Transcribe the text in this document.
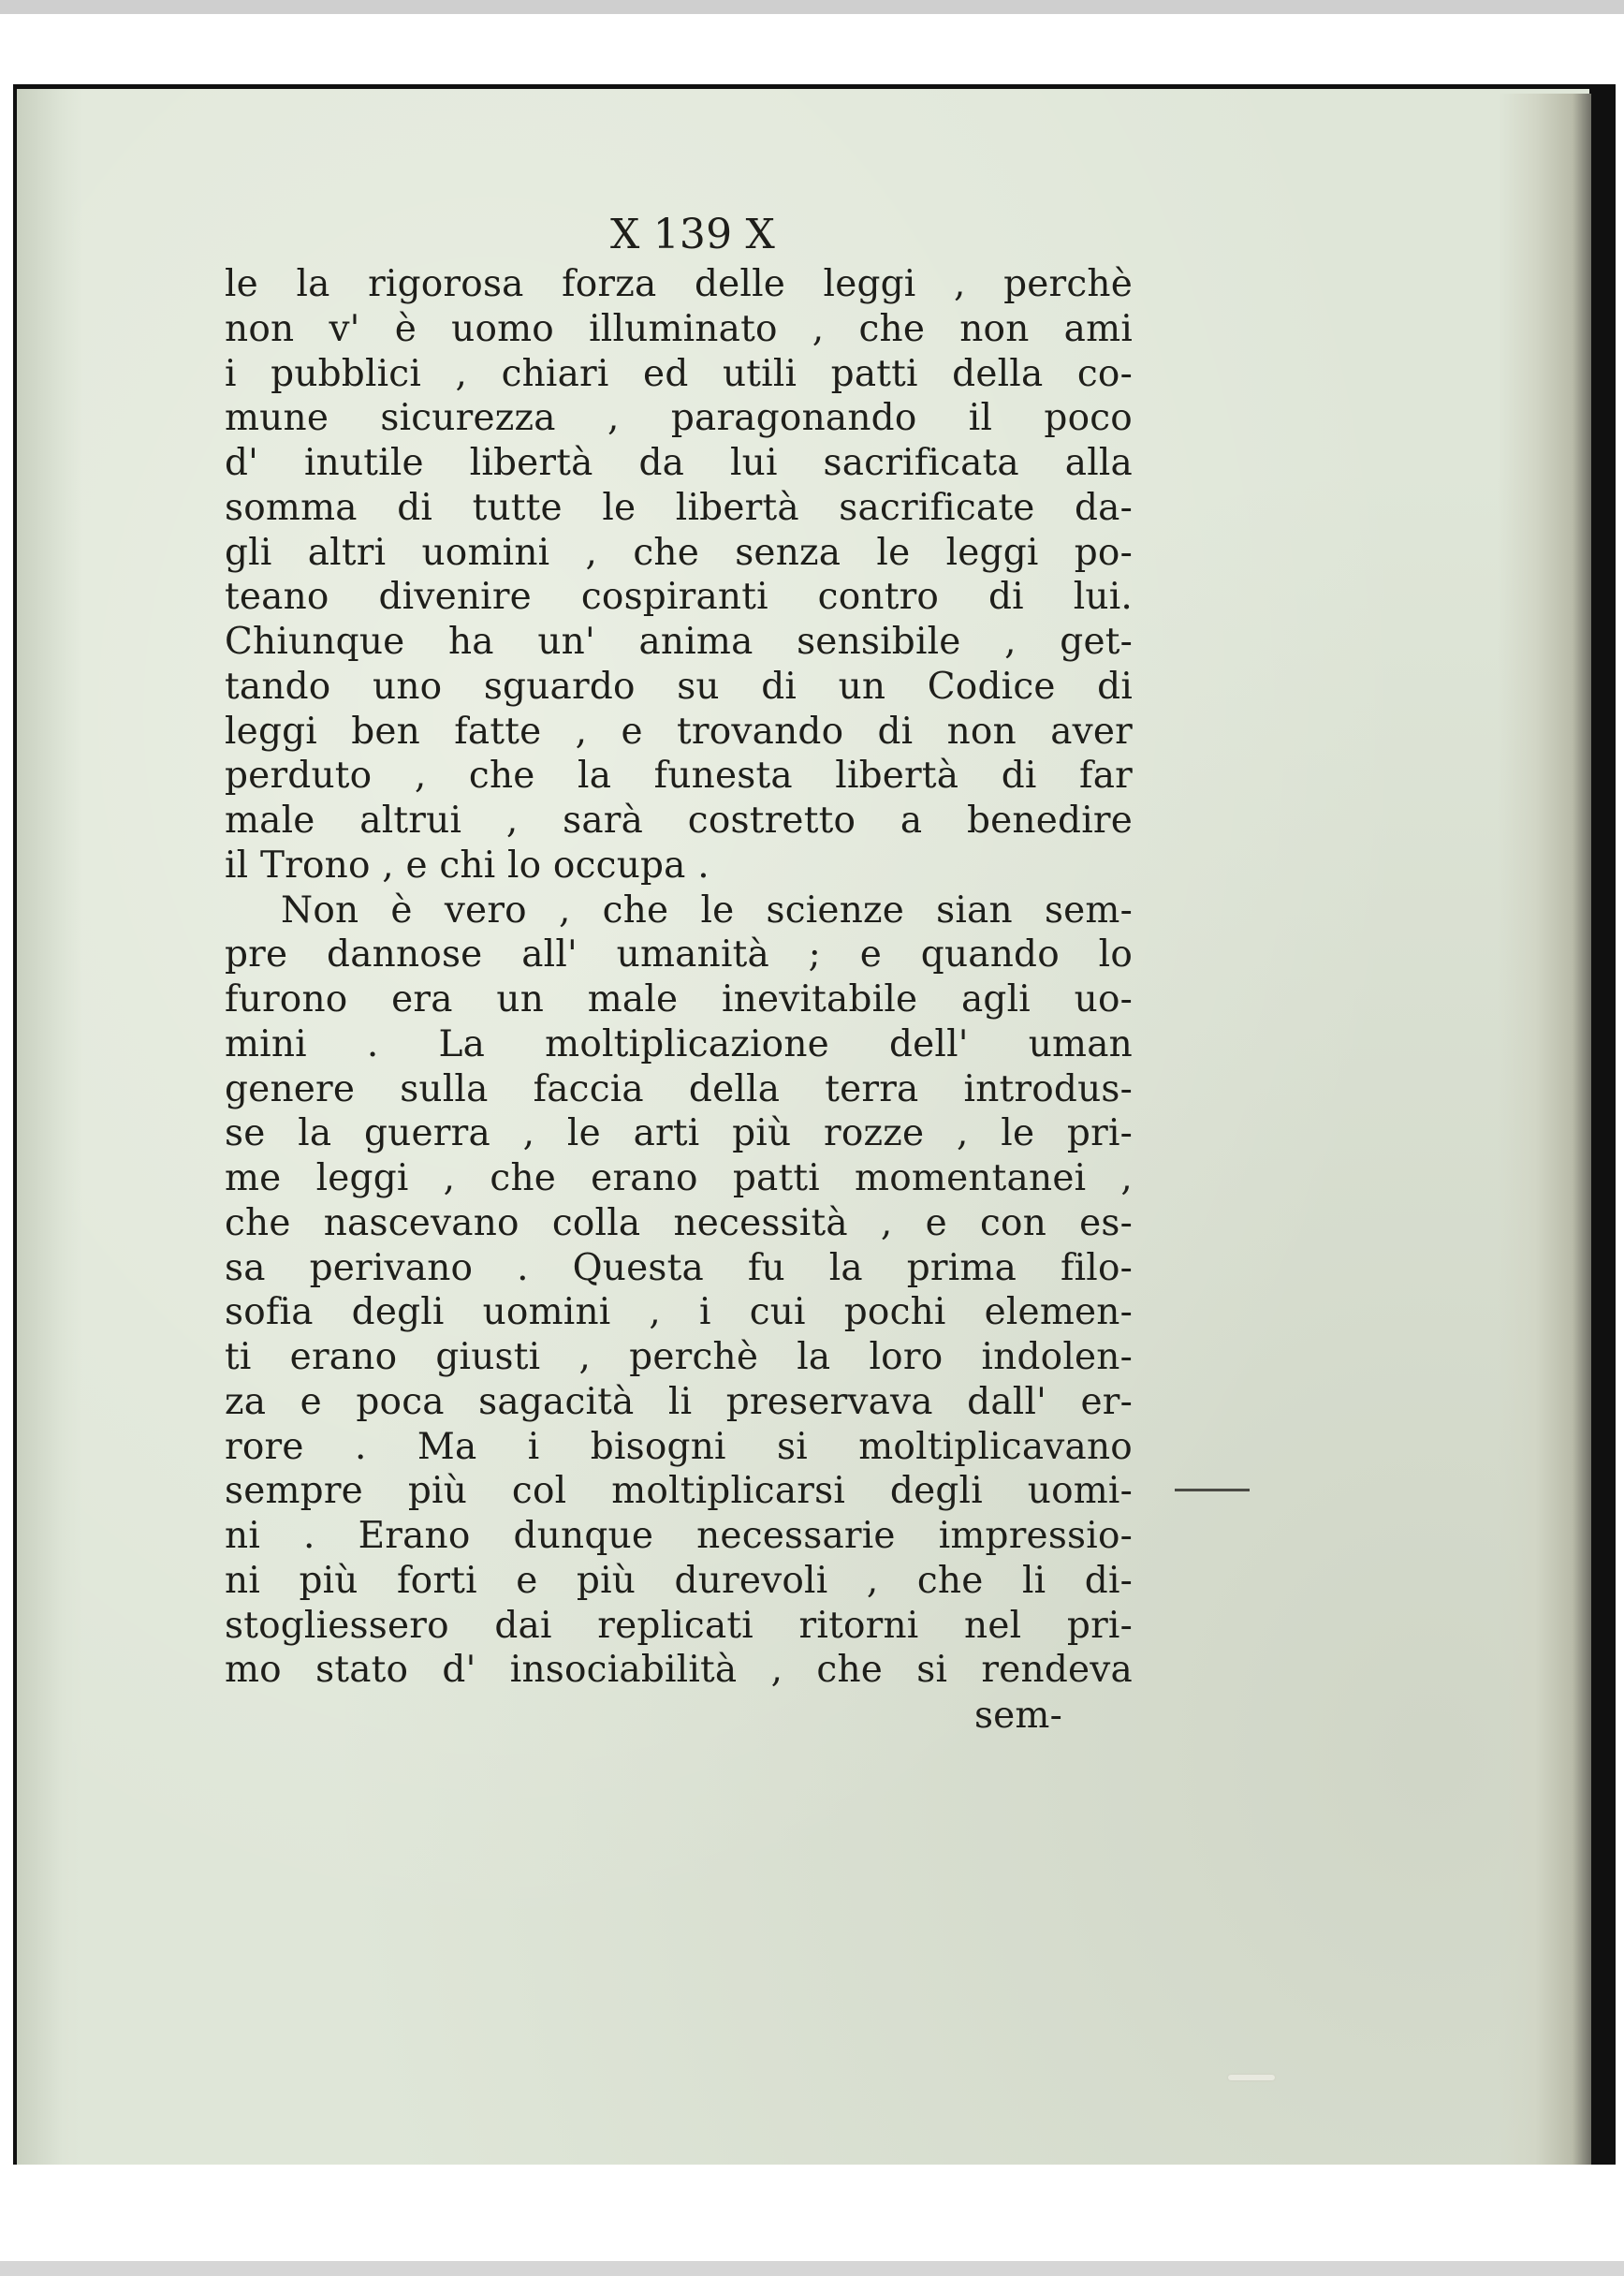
X 139 X
le la rigorosa forza delle leggi , perchè
non v' è uomo illuminato , che non ami
i pubblici , chiari ed utili patti della co-
mune sicurezza , paragonando il poco
d' inutile libertà da lui sacrificata alla
somma di tutte le libertà sacrificate da-
gli altri uomini , che senza le leggi po-
teano divenire cospiranti contro di lui.
Chiunque ha un' anima sensibile , get-
tando uno sguardo su di un Codice di
leggi ben fatte , e trovando di non aver
perduto , che la funesta libertà di far
male altrui , sarà costretto a benedire
il Trono , e chi lo occupa .
Non è vero , che le scienze sian sem-
pre dannose all' umanità ; e quando lo
furono era un male inevitabile agli uo-
mini . La moltiplicazione dell' uman
genere sulla faccia della terra introdus-
se la guerra , le arti più rozze , le pri-
me leggi , che erano patti momentanei ,
che nascevano colla necessità , e con es-
sa perivano . Questa fu la prima filo-
sofia degli uomini , i cui pochi elemen-
ti erano giusti , perchè la loro indolen-
za e poca sagacità li preservava dall' er-
rore . Ma i bisogni si moltiplicavano
sempre più col moltiplicarsi degli uomi-
ni . Erano dunque necessarie impressio-
ni più forti e più durevoli , che li di-
stogliessero dai replicati ritorni nel pri-
mo stato d' insociabilità , che si rendeva
sem-
